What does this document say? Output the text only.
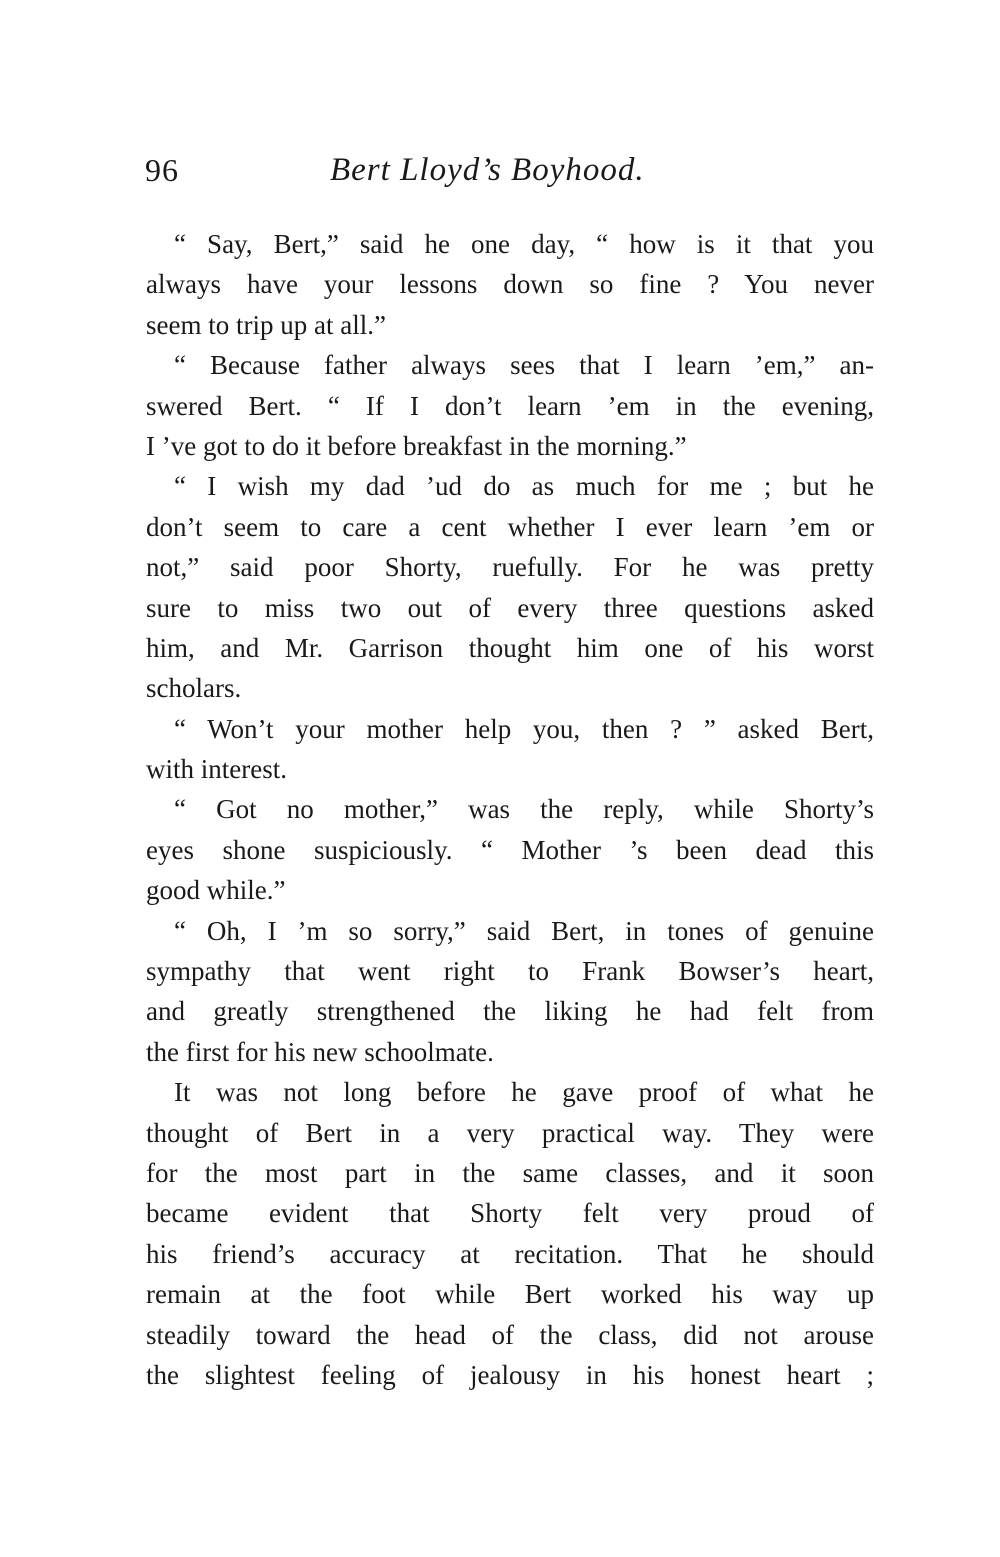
96	Bert Lloyd’s Boyhood.
“ Say, Bert,” said he one day, “ how is it that you
always have your lessons down so fine ? You never
seem to trip up at all.”
“ Because father always sees that I learn ’em,” an-
swered Bert. “ If I don’t learn ’em in the evening,
I ’ve got to do it before breakfast in the morning.”
“ I wish my dad ’ud do as much for me ; but he
don’t seem to care a cent whether I ever learn ’em or
not,” said poor Shorty, ruefully. For he was pretty
sure to miss two out of every three questions asked
him, and Mr. Garrison thought him one of his worst
scholars.
“ Won’t your mother help you, then ? ” asked Bert,
with interest.
“ Got no mother,” was the reply, while Shorty’s
eyes shone suspiciously. “ Mother ’s been dead this
good while.”
“ Oh, I ’m so sorry,” said Bert, in tones of genuine
sympathy that went right to Frank Bowser’s heart,
and greatly strengthened the liking he had felt from
the first for his new schoolmate.
It was not long before he gave proof of what he
thought of Bert in a very practical way. They were
for the most part in the same classes, and it soon
became evident that Shorty felt very proud of
his friend’s accuracy at recitation. That he should
remain at the foot while Bert worked his way up
steadily toward the head of the class, did not arouse
the slightest feeling of jealousy in his honest heart ;
